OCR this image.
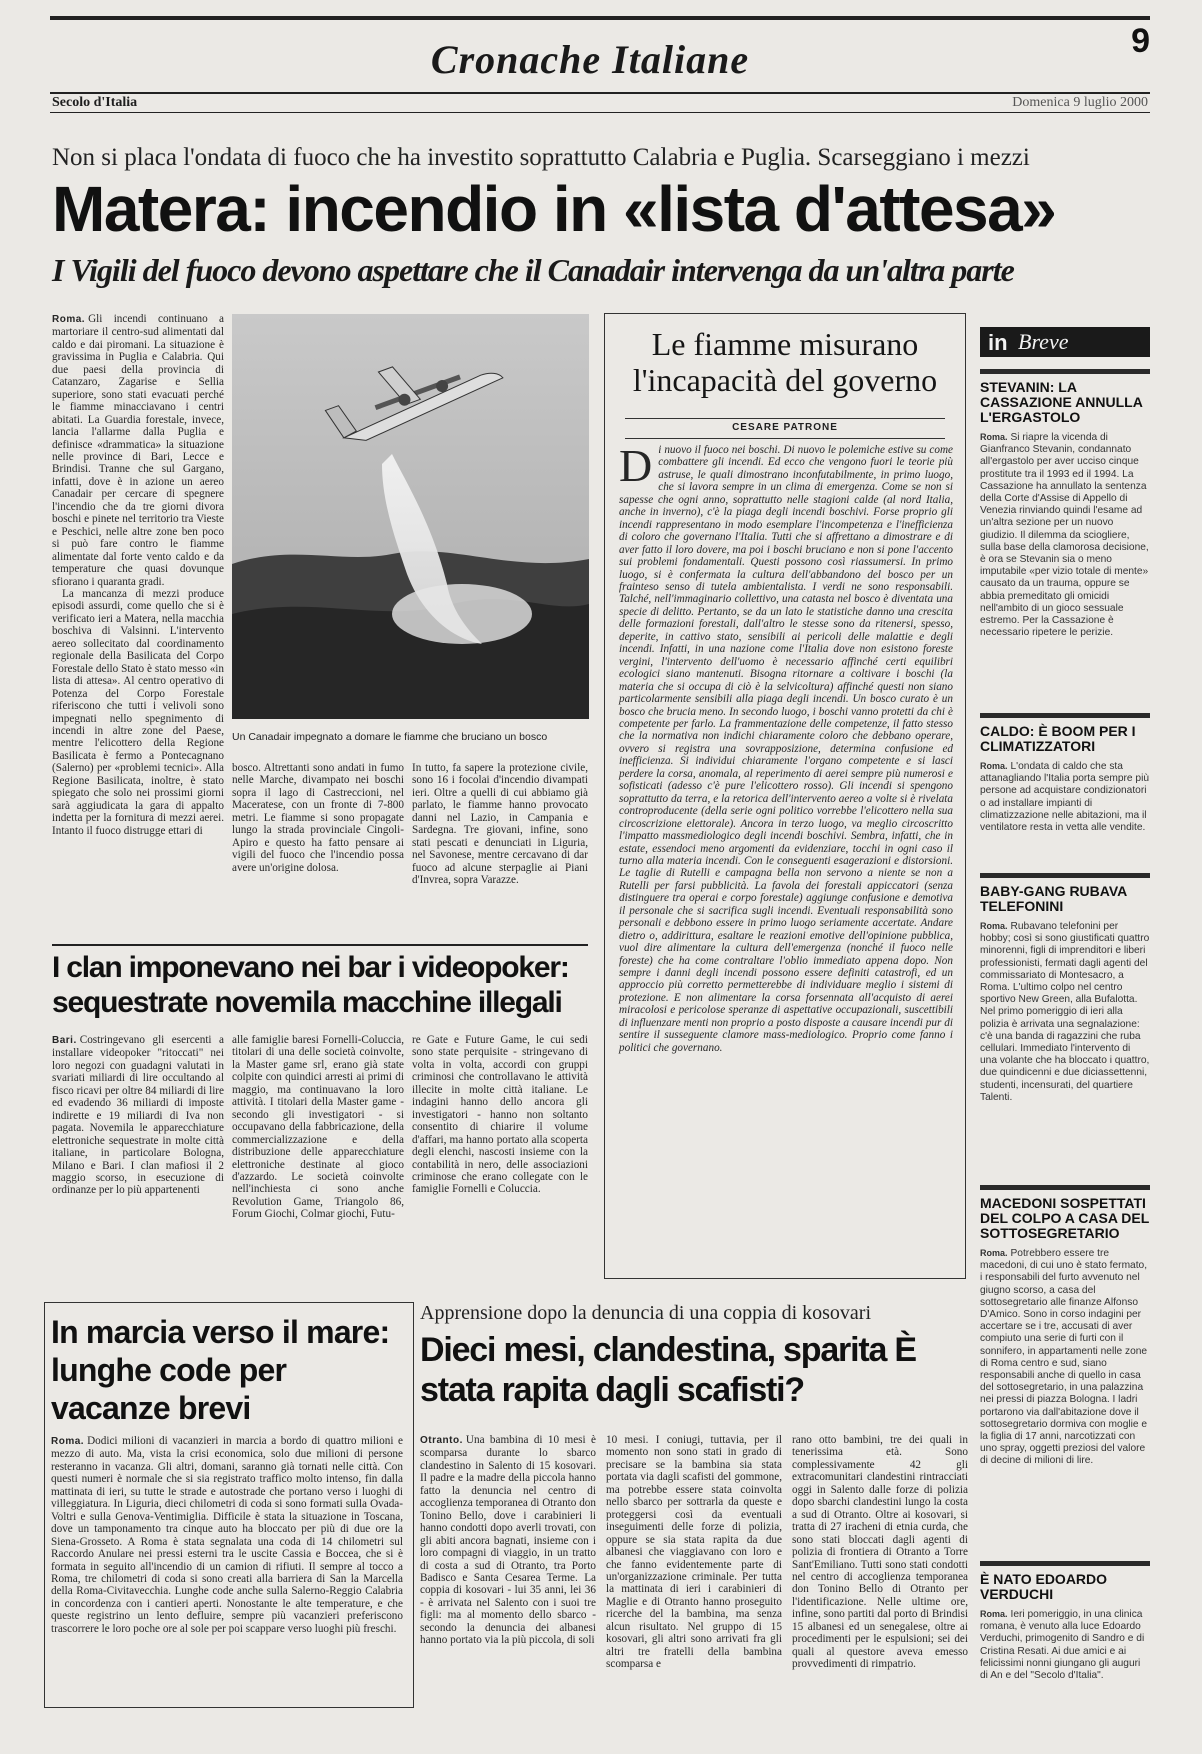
Cronache Italiane	9
Secolo d'Italia	Domenica 9 luglio 2000
Non si placa l'ondata di fuoco che ha investito soprattutto Calabria e Puglia. Scarseggiano i mezzi
Matera: incendio in «lista d'attesa»
I Vigili del fuoco devono aspettare che il Canadair intervenga da un'altra parte

Roma. Gli incendi continuano a martoriare il centro-sud alimentati dal caldo e dai piromani. La situazione è gravissima in Puglia e Calabria. Qui due paesi della provincia di Catanzaro, Zagarise e Sellia superiore, sono stati evacuati perché le fiamme minacciavano i centri abitati. La Guardia forestale, invece, lancia l'allarme dalla Puglia e definisce «drammatica» la situazione nelle province di Bari, Lecce e Brindisi. Tranne che sul Gargano, infatti, dove è in azione un aereo Canadair per cercare di spegnere l'incendio che da tre giorni divora boschi e pinete nel territorio tra Vieste e Peschici, nelle altre zone ben poco si può fare contro le fiamme alimentate dal forte vento caldo e da temperature che quasi dovunque sfiorano i quaranta gradi.

La mancanza di mezzi produce episodi assurdi, come quello che si è verificato ieri a Matera, nella macchia boschiva di Valsinni. L'intervento aereo sollecitato dal coordinamento regionale della Basilicata del Corpo Forestale dello Stato è stato messo «in lista di attesa». Al centro operativo di Potenza del Corpo Forestale riferiscono che tutti i velivoli sono impegnati nello spegnimento di incendi in altre zone del Paese, mentre l'elicottero della Regione Basilicata è fermo a Pontecagnano (Salerno) per «problemi tecnici». Alla Regione Basilicata, inoltre, è stato spiegato che solo nei prossimi giorni sarà aggiudicata la gara di appalto indetta per la fornitura di mezzi aerei. Intanto il fuoco distrugge ettari di

Un Canadair impegnato a domare le fiamme che bruciano un bosco

bosco. Altrettanti sono andati in fumo nelle Marche, divampato nei boschi sopra il lago di Castreccioni, nel Maceratese, con un fronte di 7-800 metri. Le fiamme si sono propagate lungo la strada provinciale Cingoli-Apiro e questo ha fatto pensare ai vigili del fuoco che l'incendio possa avere un'origine dolosa.

In tutto, fa sapere la protezione civile, sono 16 i focolai d'incendio divampati ieri. Oltre a quelli di cui abbiamo già parlato, le fiamme hanno provocato danni nel Lazio, in Campania e Sardegna. Tre giovani, infine, sono stati pescati e denunciati in Liguria, nel Savonese, mentre cercavano di dar fuoco ad alcune sterpaglie ai Piani d'Invrea, sopra Varazze.

Le fiamme misurano l'incapacità del governo
CESARE PATRONE
Di nuovo il fuoco nei boschi. Di nuovo le polemiche estive su come combattere gli incendi. Ed ecco che vengono fuori le teorie più astruse, le quali dimostrano inconfutabilmente, in primo luogo, che si lavora sempre in un clima di emergenza. Come se non si sapesse che ogni anno, soprattutto nelle stagioni calde (al nord Italia, anche in inverno), c'è la piaga degli incendi boschivi. Forse proprio gli incendi rappresentano in modo esemplare l'incompetenza e l'inefficienza di coloro che governano l'Italia. Tutti che si affrettano a dimostrare e di aver fatto il loro dovere, ma poi i boschi bruciano e non si pone l'accento sui problemi fondamentali. Questi possono così riassumersi. In primo luogo, si è confermata la cultura dell'abbandono del bosco per un frainteso senso di tutela ambientalista. I verdi ne sono responsabili. Talché, nell'immaginario collettivo, una catasta nel bosco è diventata una specie di delitto. Pertanto, se da un lato le statistiche danno una crescita delle formazioni forestali, dall'altro le stesse sono da ritenersi, spesso, deperite, in cattivo stato, sensibili ai pericoli delle malattie e degli incendi. Infatti, in una nazione come l'Italia dove non esistono foreste vergini, l'intervento dell'uomo è necessario affinché certi equilibri ecologici siano mantenuti. Bisogna ritornare a coltivare i boschi (la materia che si occupa di ciò è la selvicoltura) affinché questi non siano particolarmente sensibili alla piaga degli incendi. Un bosco curato è un bosco che brucia meno. In secondo luogo, i boschi vanno protetti da chi è competente per farlo. La frammentazione delle competenze, il fatto stesso che la normativa non indichi chiaramente coloro che debbano operare, ovvero si registra una sovrapposizione, determina confusione ed inefficienza. Si individui chiaramente l'organo competente e si lasci perdere la corsa, anomala, al reperimento di aerei sempre più numerosi e sofisticati (adesso c'è pure l'elicottero rosso). Gli incendi si spengono soprattutto da terra, e la retorica dell'intervento aereo a volte si è rivelata controproducente (della serie ogni politico vorrebbe l'elicottero nella sua circoscrizione elettorale). Ancora in terzo luogo, va meglio circoscritto l'impatto massmediologico degli incendi boschivi. Sembra, infatti, che in estate, essendoci meno argomenti da evidenziare, tocchi in ogni caso il turno alla materia incendi. Con le conseguenti esagerazioni e distorsioni. Le taglie di Rutelli e campagna bella non servono a niente se non a Rutelli per farsi pubblicità. La favola dei forestali appiccatori (senza distinguere tra operai e corpo forestale) aggiunge confusione e demotiva il personale che si sacrifica sugli incendi. Eventuali responsabilità sono personali e debbono essere in primo luogo seriamente accertate. Andare dietro o, addirittura, esaltare le reazioni emotive dell'opinione pubblica, vuol dire alimentare la cultura dell'emergenza (nonché il fuoco nelle foreste) che ha come contraltare l'oblio immediato appena dopo. Non sempre i danni degli incendi possono essere definiti catastrofi, ed un approccio più corretto permetterebbe di individuare meglio i sistemi di protezione. E non alimentare la corsa forsennata all'acquisto di aerei miracolosi e pericolose speranze di aspettative occupazionali, suscettibili di influenzare menti non proprio a posto disposte a causare incendi pur di sentire il susseguente clamore mass-mediologico. Proprio come fanno i politici che governano.
I clan imponevano nei bar i videopoker: sequestrate novemila macchine illegali

Bari. Costringevano gli esercenti a installare videopoker "ritoccati" nei loro negozi con guadagni valutati in svariati miliardi di lire occultando al fisco ricavi per oltre 84 miliardi di lire ed evadendo 36 miliardi di imposte indirette e 19 miliardi di Iva non pagata. Novemila le apparecchiature elettroniche sequestrate in molte città italiane, in particolare Bologna, Milano e Bari. I clan mafiosi il 2 maggio scorso, in esecuzione di ordinanze per lo più appartenenti

alle famiglie baresi Fornelli-Coluccia, titolari di una delle società coinvolte, la Master game srl, erano già state colpite con quindici arresti ai primi di maggio, ma continuavano la loro attività. I titolari della Master game - secondo gli investigatori - si occupavano della fabbricazione, della commercializzazione e della distribuzione delle apparecchiature elettroniche destinate al gioco d'azzardo. Le società coinvolte nell'inchiesta ci sono anche Revolution Game, Triangolo 86, Forum Giochi, Colmar giochi, Futu-

re Gate e Future Game, le cui sedi sono state perquisite - stringevano di volta in volta, accordi con gruppi criminosi che controllavano le attività illecite in molte città italiane. Le indagini hanno dello ancora gli investigatori - hanno non soltanto consentito di chiarire il volume d'affari, ma hanno portato alla scoperta degli elenchi, nascosti insieme con la contabilità in nero, delle associazioni criminose che erano collegate con le famiglie Fornelli e Coluccia.

In marcia verso il mare: lunghe code per vacanze brevi

Roma. Dodici milioni di vacanzieri in marcia a bordo di quattro milioni e mezzo di auto. Ma, vista la crisi economica, solo due milioni di persone resteranno in vacanza. Gli altri, domani, saranno già tornati nelle città. Con questi numeri è normale che si sia registrato traffico molto intenso, fin dalla mattinata di ieri, su tutte le strade e autostrade che portano verso i luoghi di villeggiatura. In Liguria, dieci chilometri di coda si sono formati sulla Ovada-Voltri e sulla Genova-Ventimiglia. Difficile è stata la situazione in Toscana, dove un tamponamento tra cinque auto ha bloccato per più di due ore la Siena-Grosseto. A Roma è stata segnalata una coda di 14 chilometri sul Raccordo Anulare nei pressi esterni tra le uscite Cassia e Boccea, che si è formata in seguito all'incendio di un camion di rifiuti. Il sempre al tocco a Roma, tre chilometri di coda si sono creati alla barriera di San la Marcella della Roma-Civitavecchia. Lunghe code anche sulla Salerno-Reggio Calabria in concordenza con i cantieri aperti. Nonostante le alte temperature, e che queste registrino un lento defluire, sempre più vacanzieri preferiscono trascorrere le loro poche ore al sole per poi scappare verso luoghi più freschi.

Apprensione dopo la denuncia di una coppia di kosovari
Dieci mesi, clandestina, sparita È stata rapita dagli scafisti?

Otranto. Una bambina di 10 mesi è scomparsa durante lo sbarco clandestino in Salento di 15 kosovari. Il padre e la madre della piccola hanno fatto la denuncia nel centro di accoglienza temporanea di Otranto don Tonino Bello, dove i carabinieri li hanno condotti dopo averli trovati, con gli abiti ancora bagnati, insieme con i loro compagni di viaggio, in un tratto di costa a sud di Otranto, tra Porto Badisco e Santa Cesarea Terme. La coppia di kosovari - lui 35 anni, lei 36 - è arrivata nel Salento con i suoi tre figli: ma al momento dello sbarco - secondo la denuncia dei albanesi hanno portato via la più piccola, di soli

10 mesi. I coniugi, tuttavia, per il momento non sono stati in grado di precisare se la bambina sia stata portata via dagli scafisti del gommone, ma potrebbe essere stata coinvolta nello sbarco per sottrarla da queste e proteggersi così da eventuali inseguimenti delle forze di polizia, oppure se sia stata rapita da due albanesi che viaggiavano con loro e che fanno evidentemente parte di un'organizzazione criminale. Per tutta la mattinata di ieri i carabinieri di Maglie e di Otranto hanno proseguito ricerche del la bambina, ma senza alcun risultato. Nel gruppo di 15 kosovari, gli altri sono arrivati fra gli altri tre fratelli della bambina scomparsa e

rano otto bambini, tre dei quali in tenerissima età. Sono complessivamente 42 gli extracomunitari clandestini rintracciati oggi in Salento dalle forze di polizia dopo sbarchi clandestini lungo la costa a sud di Otranto. Oltre ai kosovari, si tratta di 27 iracheni di etnia curda, che sono stati bloccati dagli agenti di polizia di frontiera di Otranto a Torre Sant'Emiliano. Tutti sono stati condotti nel centro di accoglienza temporanea don Tonino Bello di Otranto per l'identificazione. Nelle ultime ore, infine, sono partiti dal porto di Brindisi 15 albanesi ed un senegalese, oltre ai procedimenti per le espulsioni; sei dei quali al questore aveva emesso provvedimenti di rimpatrio.

in Breve
STEVANIN: LA CASSAZIONE ANNULLA L'ERGASTOLO

Roma. Si riapre la vicenda di Gianfranco Stevanin, condannato all'ergastolo per aver ucciso cinque prostitute tra il 1993 ed il 1994. La Cassazione ha annullato la sentenza della Corte d'Assise di Appello di Venezia rinviando quindi l'esame ad un'altra sezione per un nuovo giudizio. Il dilemma da sciogliere, sulla base della clamorosa decisione, è ora se Stevanin sia o meno imputabile «per vizio totale di mente» causato da un trauma, oppure se abbia premeditato gli omicidi nell'ambito di un gioco sessuale estremo. Per la Cassazione è necessario ripetere le perizie.

CALDO: È BOOM PER I CLIMATIZZATORI

Roma. L'ondata di caldo che sta attanagliando l'Italia porta sempre più persone ad acquistare condizionatori o ad installare impianti di climatizzazione nelle abitazioni, ma il ventilatore resta in vetta alle vendite.

BABY-GANG RUBAVA TELEFONINI

Roma. Rubavano telefonini per hobby; così si sono giustificati quattro minorenni, figli di imprenditori e liberi professionisti, fermati dagli agenti del commissariato di Montesacro, a Roma. L'ultimo colpo nel centro sportivo New Green, alla Bufalotta. Nel primo pomeriggio di ieri alla polizia è arrivata una segnalazione: c'è una banda di ragazzini che ruba cellulari. Immediato l'intervento di una volante che ha bloccato i quattro, due quindicenni e due diciassettenni, studenti, incensurati, del quartiere Talenti.

MACEDONI SOSPETTATI DEL COLPO A CASA DEL SOTTOSEGRETARIO

Roma. Potrebbero essere tre macedoni, di cui uno è stato fermato, i responsabili del furto avvenuto nel giugno scorso, a casa del sottosegretario alle finanze Alfonso D'Amico. Sono in corso indagini per accertare se i tre, accusati di aver compiuto una serie di furti con il sonnifero, in appartamenti nelle zone di Roma centro e sud, siano responsabili anche di quello in casa del sottosegretario, in una palazzina nei pressi di piazza Bologna. I ladri portarono via dall'abitazione dove il sottosegretario dormiva con moglie e la figlia di 17 anni, narcotizzati con uno spray, oggetti preziosi del valore di decine di milioni di lire.

È NATO EDOARDO VERDUCHI

Roma. Ieri pomeriggio, in una clinica romana, è venuto alla luce Edoardo Verduchi, primogenito di Sandro e di Cristina Resati. Ai due amici e ai felicissimi nonni giungano gli auguri di An e del "Secolo d'Italia".
